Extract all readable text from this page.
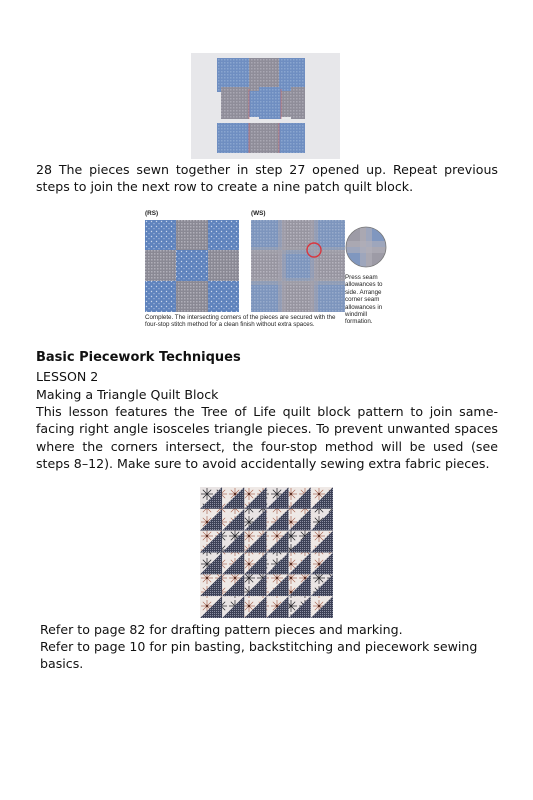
28 The pieces sewn together in step 27 opened up. Repeat previous steps to join the next row to create a nine patch quilt block.

(RS)	(WS)

Press seam allowances to side. Arrange corner seam allowances in windmill formation.

Complete. The intersecting corners of the pieces are secured with the four-stop stitch method for a clean finish without extra spaces.

Basic Piecework Techniques
LESSON 2
Making a Triangle Quilt Block

This lesson features the Tree of Life quilt block pattern to join same-facing right angle isosceles triangle pieces. To prevent unwanted spaces where the corners intersect, the four-stop method will be used (see steps 8–12). Make sure to avoid accidentally sewing extra fabric pieces.

Refer to page 82 for drafting pattern pieces and marking.

Refer to page 10 for pin basting, backstitching and piecework sewing basics.
